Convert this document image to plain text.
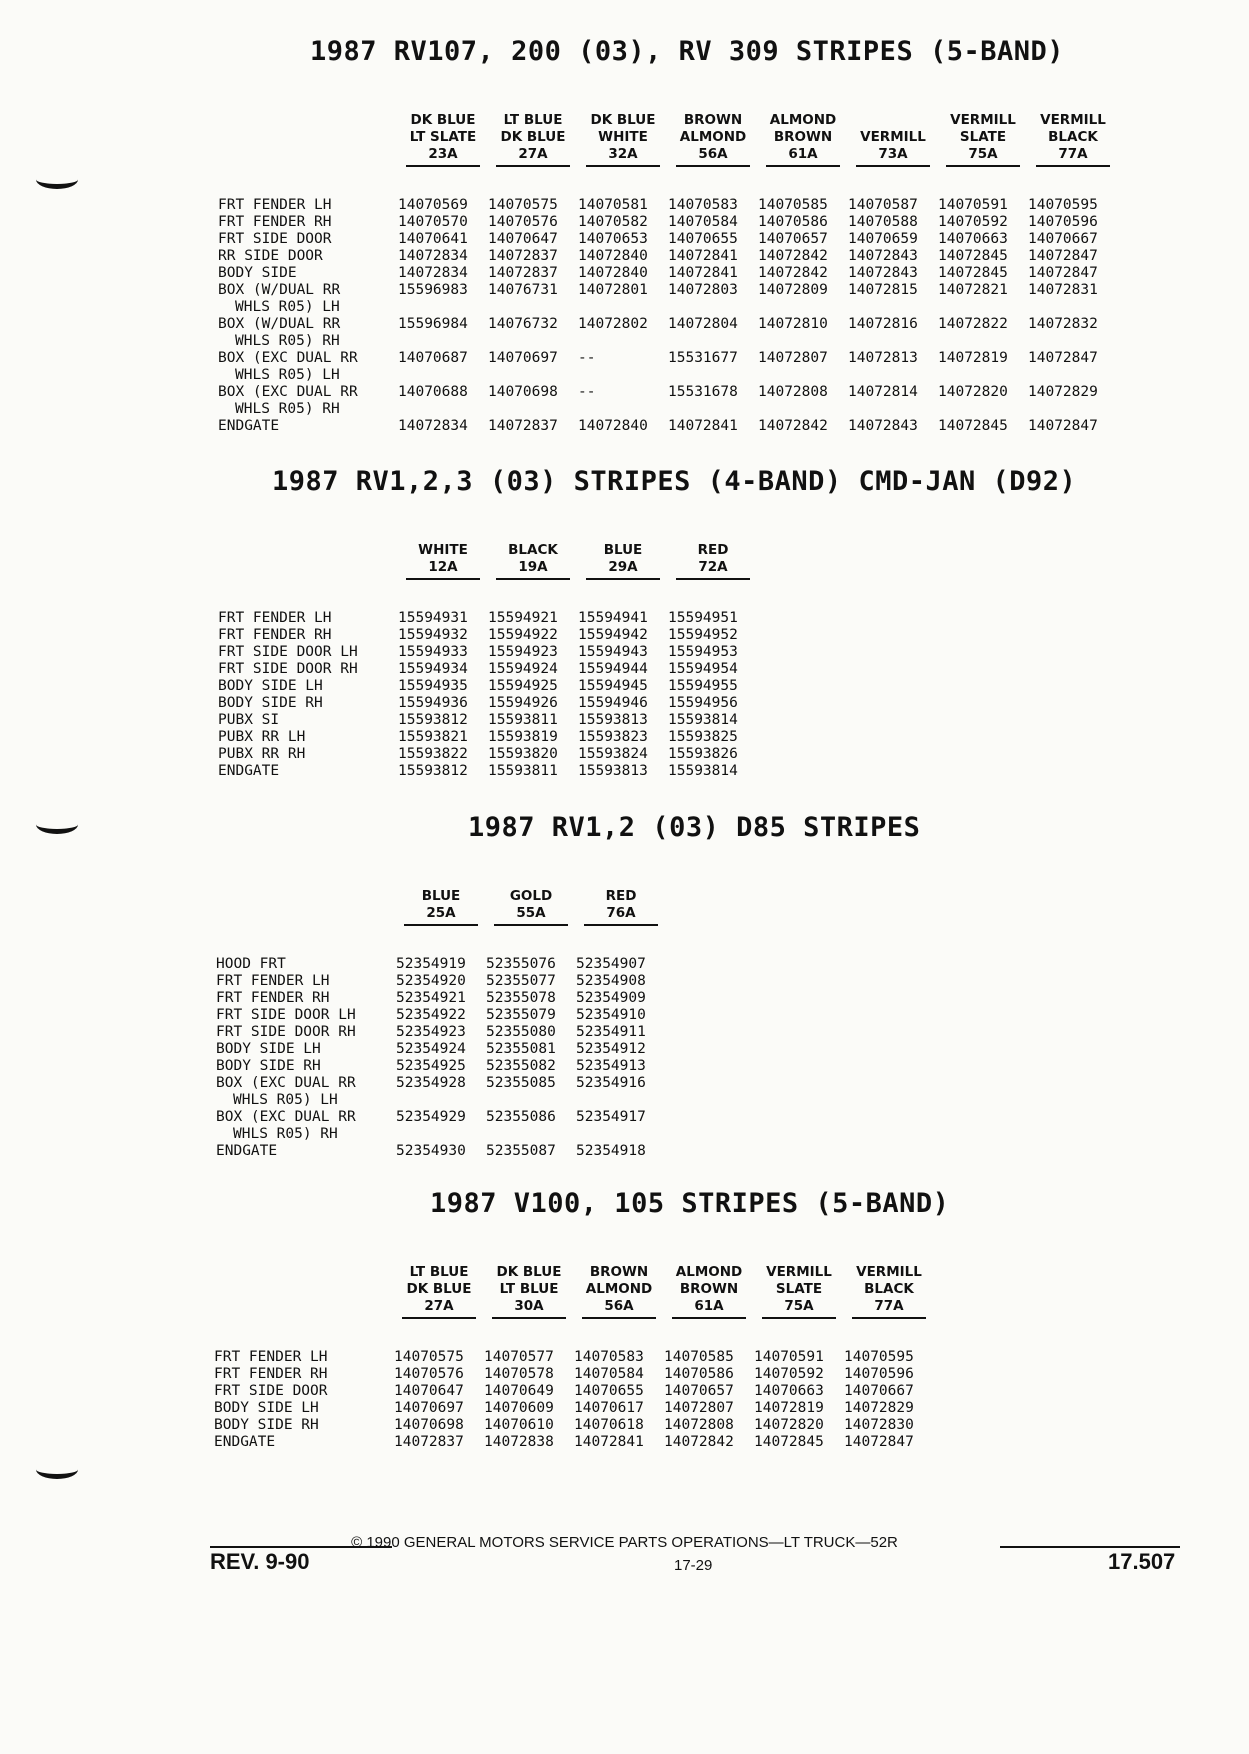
1987 RV107, 200 (03), RV 309 STRIPES (5-BAND)

	DK BLUE
LT SLATE
23A	LT BLUE
DK BLUE
27A	DK BLUE
WHITE
32A	BROWN
ALMOND
56A	ALMOND
BROWN
61A	VERMILL
73A	VERMILL
SLATE
75A	VERMILL
BLACK
77A

FRT FENDER LH	14070569	14070575	14070581	14070583	14070585	14070587	14070591	14070595

FRT FENDER RH	14070570	14070576	14070582	14070584	14070586	14070588	14070592	14070596

FRT SIDE DOOR	14070641	14070647	14070653	14070655	14070657	14070659	14070663	14070667

RR SIDE DOOR	14072834	14072837	14072840	14072841	14072842	14072843	14072845	14072847

BODY SIDE	14072834	14072837	14072840	14072841	14072842	14072843	14072845	14072847

BOX (W/DUAL RR
WHLS R05) LH	15596983	14076731	14072801	14072803	14072809	14072815	14072821	14072831

BOX (W/DUAL RR
WHLS R05) RH	15596984	14076732	14072802	14072804	14072810	14072816	14072822	14072832

BOX (EXC DUAL RR
WHLS R05) LH	14070687	14070697	--	15531677	14072807	14072813	14072819	14072847

BOX (EXC DUAL RR
WHLS R05) RH	14070688	14070698	--	15531678	14072808	14072814	14072820	14072829

ENDGATE	14072834	14072837	14072840	14072841	14072842	14072843	14072845	14072847
1987 RV1,2,3 (03) STRIPES (4-BAND) CMD-JAN (D92)

	WHITE
12A	BLACK
19A	BLUE
29A	RED
72A

FRT FENDER LH	15594931	15594921	15594941	15594951

FRT FENDER RH	15594932	15594922	15594942	15594952

FRT SIDE DOOR LH	15594933	15594923	15594943	15594953

FRT SIDE DOOR RH	15594934	15594924	15594944	15594954

BODY SIDE LH	15594935	15594925	15594945	15594955

BODY SIDE RH	15594936	15594926	15594946	15594956

PUBX SI	15593812	15593811	15593813	15593814

PUBX RR LH	15593821	15593819	15593823	15593825

PUBX RR RH	15593822	15593820	15593824	15593826

ENDGATE	15593812	15593811	15593813	15593814
1987 RV1,2 (03) D85 STRIPES

	BLUE
25A	GOLD
55A	RED
76A

HOOD FRT	52354919	52355076	52354907

FRT FENDER LH	52354920	52355077	52354908

FRT FENDER RH	52354921	52355078	52354909

FRT SIDE DOOR LH	52354922	52355079	52354910

FRT SIDE DOOR RH	52354923	52355080	52354911

BODY SIDE LH	52354924	52355081	52354912

BODY SIDE RH	52354925	52355082	52354913

BOX (EXC DUAL RR
WHLS R05) LH	52354928	52355085	52354916

BOX (EXC DUAL RR
WHLS R05) RH	52354929	52355086	52354917

ENDGATE	52354930	52355087	52354918
1987 V100, 105 STRIPES (5-BAND)

	LT BLUE
DK BLUE
27A	DK BLUE
LT BLUE
30A	BROWN
ALMOND
56A	ALMOND
BROWN
61A	VERMILL
SLATE
75A	VERMILL
BLACK
77A

FRT FENDER LH	14070575	14070577	14070583	14070585	14070591	14070595

FRT FENDER RH	14070576	14070578	14070584	14070586	14070592	14070596

FRT SIDE DOOR	14070647	14070649	14070655	14070657	14070663	14070667

BODY SIDE LH	14070697	14070609	14070617	14072807	14072819	14072829

BODY SIDE RH	14070698	14070610	14070618	14072808	14072820	14072830

ENDGATE	14072837	14072838	14072841	14072842	14072845	14072847
© 1990 GENERAL MOTORS SERVICE PARTS OPERATIONS—LT TRUCK—52R
17-29
REV. 9-90	17.507
